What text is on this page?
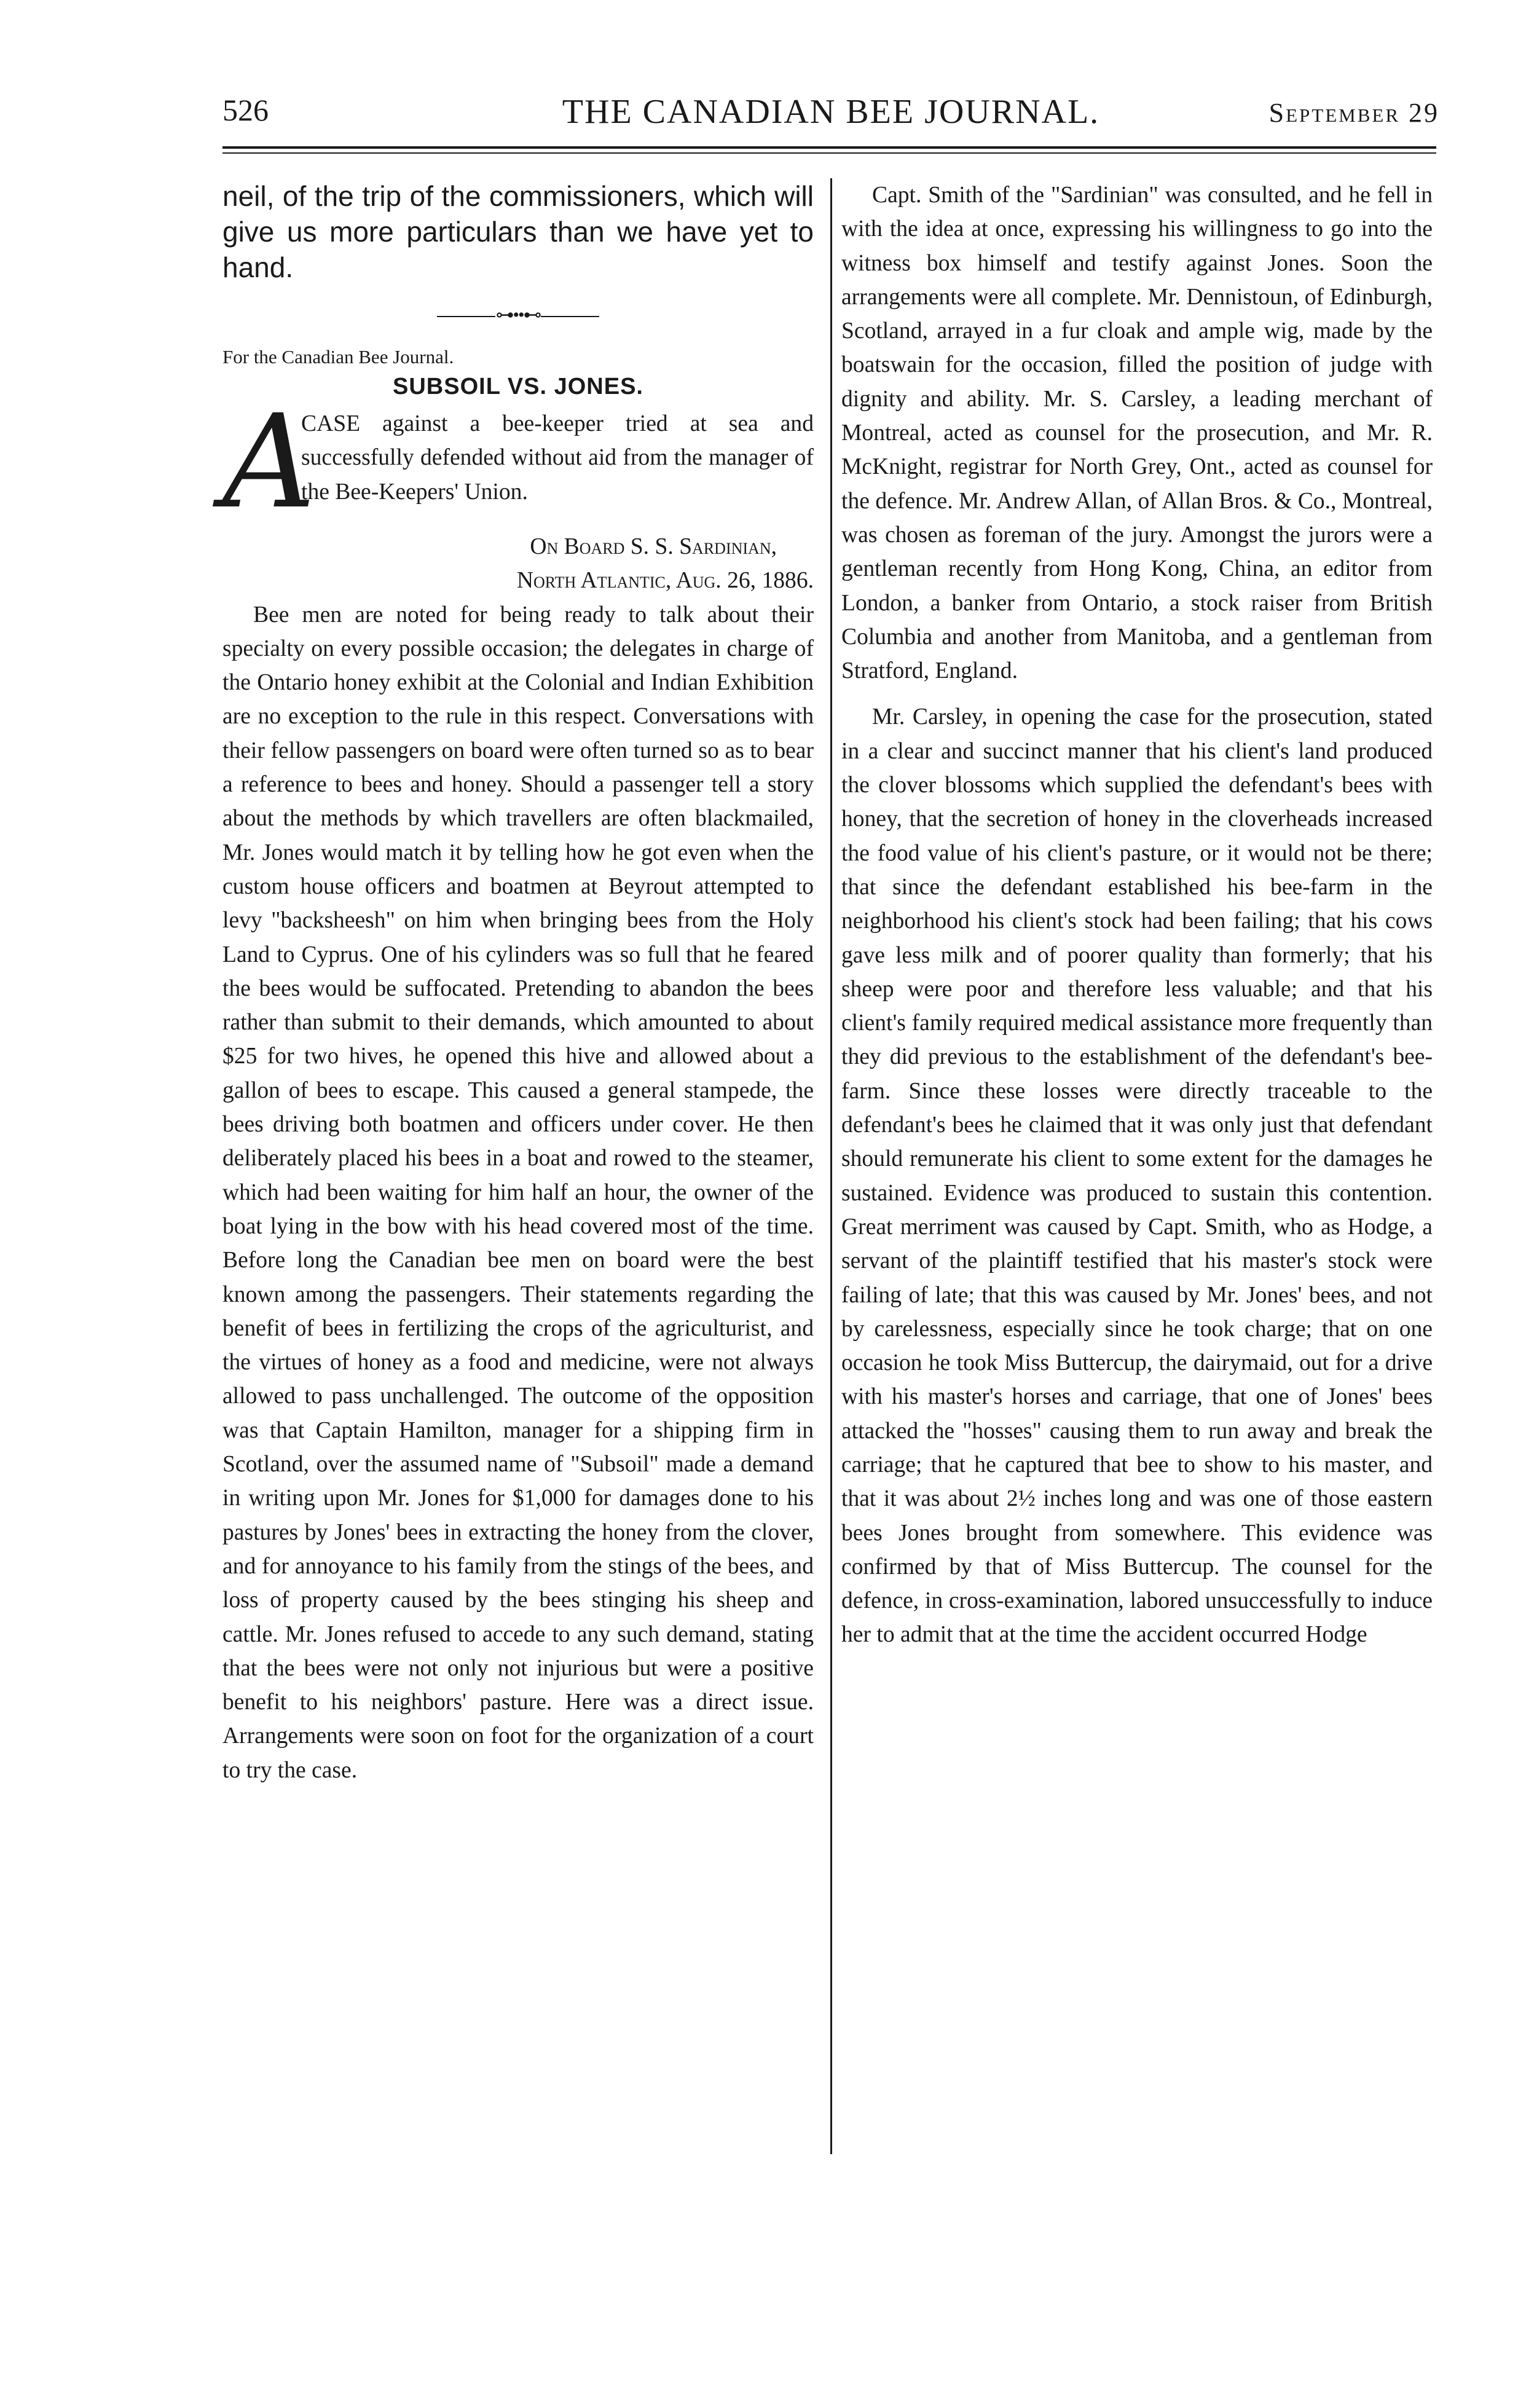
526	THE CANADIAN BEE JOURNAL.	September 29

neil, of the trip of the commissioners, which will give us more particulars than we have yet to hand.

⊶••⊷

For the Canadian Bee Journal.

SUBSOIL VS. JONES.

A

CASE against a bee-keeper tried at sea and successfully defended without aid from the manager of the Bee-Keepers' Union.

On Board S. S. Sardinian,

North Atlantic, Aug. 26, 1886.

Bee men are noted for being ready to talk about their specialty on every possible occasion; the delegates in charge of the Ontario honey exhibit at the Colonial and Indian Exhibition are no exception to the rule in this respect. Conversations with their fellow passengers on board were often turned so as to bear a reference to bees and honey. Should a passenger tell a story about the methods by which travellers are often blackmailed, Mr. Jones would match it by telling how he got even when the custom house officers and boatmen at Beyrout attempted to levy "backsheesh" on him when bringing bees from the Holy Land to Cyprus. One of his cylinders was so full that he feared the bees would be suffocated. Pretending to abandon the bees rather than submit to their demands, which amounted to about $25 for two hives, he opened this hive and allowed about a gallon of bees to escape. This caused a general stampede, the bees driving both boatmen and officers under cover. He then deliberately placed his bees in a boat and rowed to the steamer, which had been waiting for him half an hour, the owner of the boat lying in the bow with his head covered most of the time. Before long the Canadian bee men on board were the best known among the passengers. Their statements regarding the benefit of bees in fertilizing the crops of the agriculturist, and the virtues of honey as a food and medicine, were not always allowed to pass unchallenged. The outcome of the opposition was that Captain Hamilton, manager for a shipping firm in Scotland, over the assumed name of "Subsoil" made a demand in writing upon Mr. Jones for $1,000 for damages done to his pastures by Jones' bees in extracting the honey from the clover, and for annoyance to his family from the stings of the bees, and loss of property caused by the bees stinging his sheep and cattle. Mr. Jones refused to accede to any such demand, stating that the bees were not only not injurious but were a positive benefit to his neighbors' pasture. Here was a direct issue. Arrangements were soon on foot for the organization of a court to try the case.

Capt. Smith of the "Sardinian" was consulted, and he fell in with the idea at once, expressing his willingness to go into the witness box himself and testify against Jones. Soon the arrangements were all complete. Mr. Dennistoun, of Edinburgh, Scotland, arrayed in a fur cloak and ample wig, made by the boatswain for the occasion, filled the position of judge with dignity and ability. Mr. S. Carsley, a leading merchant of Montreal, acted as counsel for the prosecution, and Mr. R. McKnight, registrar for North Grey, Ont., acted as counsel for the defence. Mr. Andrew Allan, of Allan Bros. & Co., Montreal, was chosen as foreman of the jury. Amongst the jurors were a gentleman recently from Hong Kong, China, an editor from London, a banker from Ontario, a stock raiser from British Columbia and another from Manitoba, and a gentleman from Stratford, England.

Mr. Carsley, in opening the case for the prosecution, stated in a clear and succinct manner that his client's land produced the clover blossoms which supplied the defendant's bees with honey, that the secretion of honey in the cloverheads increased the food value of his client's pasture, or it would not be there; that since the defendant established his bee-farm in the neighborhood his client's stock had been failing; that his cows gave less milk and of poorer quality than formerly; that his sheep were poor and therefore less valuable; and that his client's family required medical assistance more frequently than they did previous to the establishment of the defendant's bee-farm. Since these losses were directly traceable to the defendant's bees he claimed that it was only just that defendant should remunerate his client to some extent for the damages he sustained. Evidence was produced to sustain this contention. Great merriment was caused by Capt. Smith, who as Hodge, a servant of the plaintiff testified that his master's stock were failing of late; that this was caused by Mr. Jones' bees, and not by carelessness, especially since he took charge; that on one occasion he took Miss Buttercup, the dairymaid, out for a drive with his master's horses and carriage, that one of Jones' bees attacked the "hosses" causing them to run away and break the carriage; that he captured that bee to show to his master, and that it was about 2½ inches long and was one of those eastern bees Jones brought from somewhere. This evidence was confirmed by that of Miss Buttercup. The counsel for the defence, in cross-examination, labored unsuccessfully to induce her to admit that at the time the accident occurred Hodge
